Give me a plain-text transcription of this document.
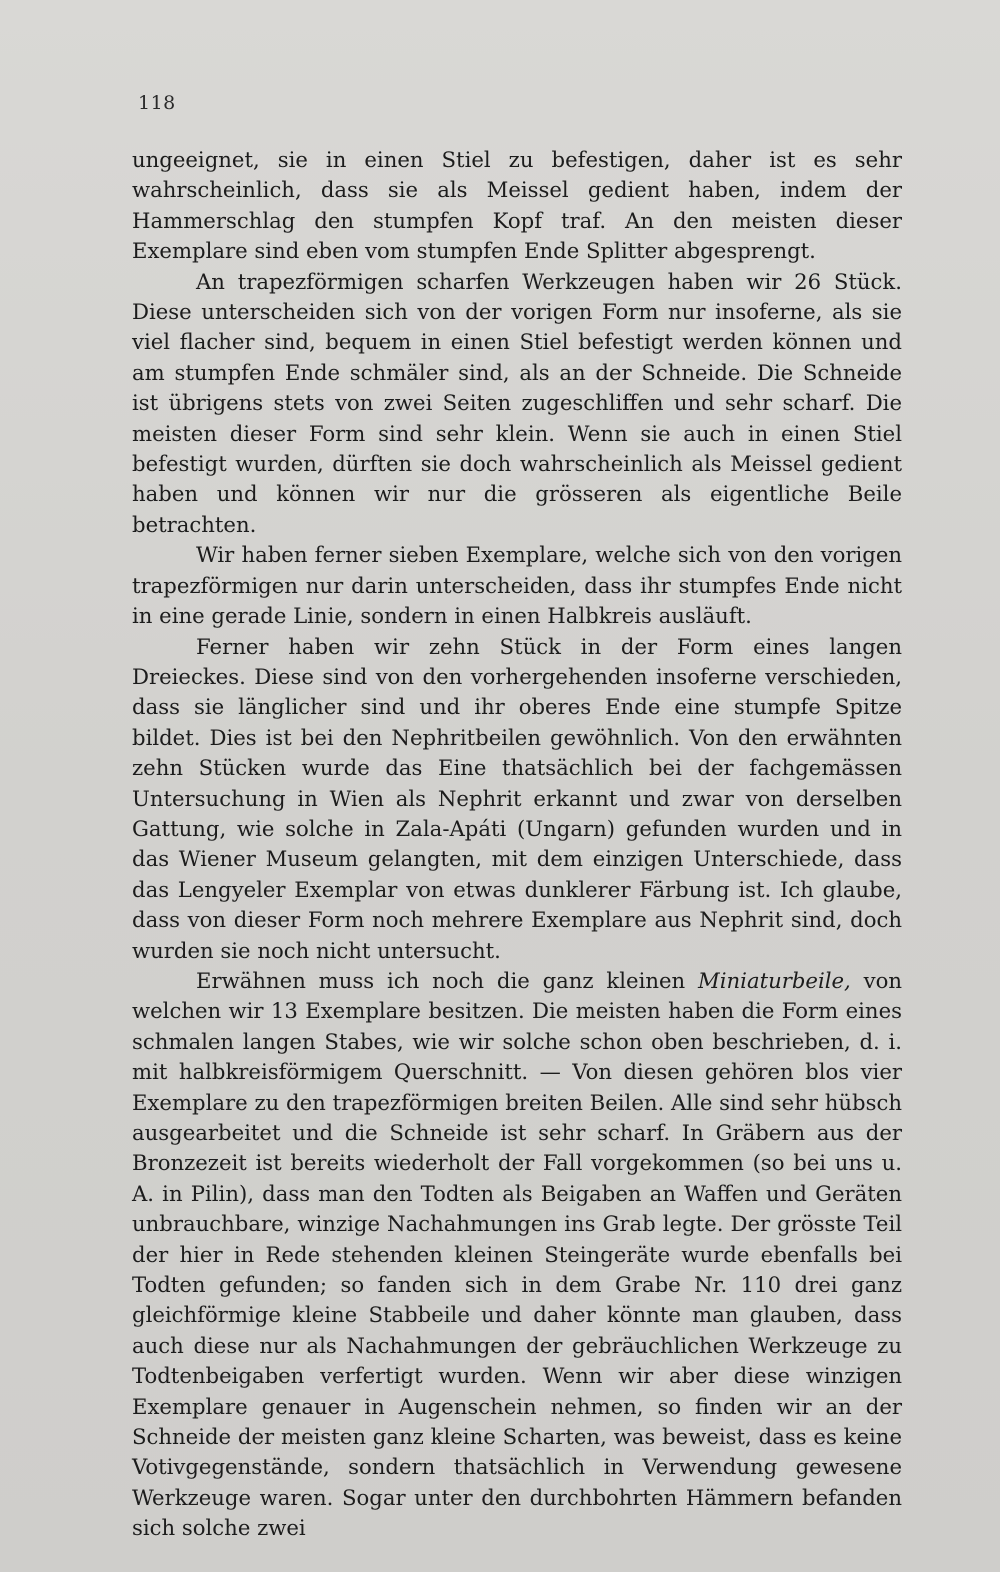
118

ungeeignet, sie in einen Stiel zu befestigen, daher ist es sehr wahrscheinlich, dass sie als Meissel gedient haben, indem der Hammerschlag den stumpfen Kopf traf. An den meisten dieser Exemplare sind eben vom stumpfen Ende Splitter abgesprengt.

An trapezförmigen scharfen Werkzeugen haben wir 26 Stück. Diese unterscheiden sich von der vorigen Form nur insoferne, als sie viel flacher sind, bequem in einen Stiel befestigt werden können und am stumpfen Ende schmäler sind, als an der Schneide. Die Schneide ist übrigens stets von zwei Seiten zugeschliffen und sehr scharf. Die meisten dieser Form sind sehr klein. Wenn sie auch in einen Stiel befestigt wurden, dürften sie doch wahrscheinlich als Meissel gedient haben und können wir nur die grösseren als eigentliche Beile betrachten.

Wir haben ferner sieben Exemplare, welche sich von den vorigen trapezförmigen nur darin unterscheiden, dass ihr stumpfes Ende nicht in eine gerade Linie, sondern in einen Halbkreis ausläuft.

Ferner haben wir zehn Stück in der Form eines langen Dreieckes. Diese sind von den vorhergehenden insoferne verschieden, dass sie länglicher sind und ihr oberes Ende eine stumpfe Spitze bildet. Dies ist bei den Nephritbeilen gewöhnlich. Von den erwähnten zehn Stücken wurde das Eine thatsächlich bei der fachgemässen Untersuchung in Wien als Nephrit erkannt und zwar von derselben Gattung, wie solche in Zala-Apáti (Ungarn) gefunden wurden und in das Wiener Museum gelangten, mit dem einzigen Unterschiede, dass das Lengyeler Exemplar von etwas dunklerer Färbung ist. Ich glaube, dass von dieser Form noch mehrere Exemplare aus Nephrit sind, doch wurden sie noch nicht untersucht.

Erwähnen muss ich noch die ganz kleinen Miniaturbeile, von welchen wir 13 Exemplare besitzen. Die meisten haben die Form eines schmalen langen Stabes, wie wir solche schon oben beschrieben, d. i. mit halbkreisförmigem Querschnitt. — Von diesen gehören blos vier Exemplare zu den trapezförmigen breiten Beilen. Alle sind sehr hübsch ausgearbeitet und die Schneide ist sehr scharf. In Gräbern aus der Bronzezeit ist bereits wiederholt der Fall vorgekommen (so bei uns u. A. in Pilin), dass man den Todten als Beigaben an Waffen und Geräten unbrauchbare, winzige Nachahmungen ins Grab legte. Der grösste Teil der hier in Rede stehenden kleinen Steingeräte wurde ebenfalls bei Todten gefunden; so fanden sich in dem Grabe Nr. 110 drei ganz gleichförmige kleine Stabbeile und daher könnte man glauben, dass auch diese nur als Nachahmungen der gebräuchlichen Werkzeuge zu Todtenbeigaben verfertigt wurden. Wenn wir aber diese winzigen Exemplare genauer in Augenschein nehmen, so finden wir an der Schneide der meisten ganz kleine Scharten, was beweist, dass es keine Votivgegenstände, sondern thatsächlich in Verwendung gewesene Werkzeuge waren. Sogar unter den durchbohrten Hämmern befanden sich solche zwei
